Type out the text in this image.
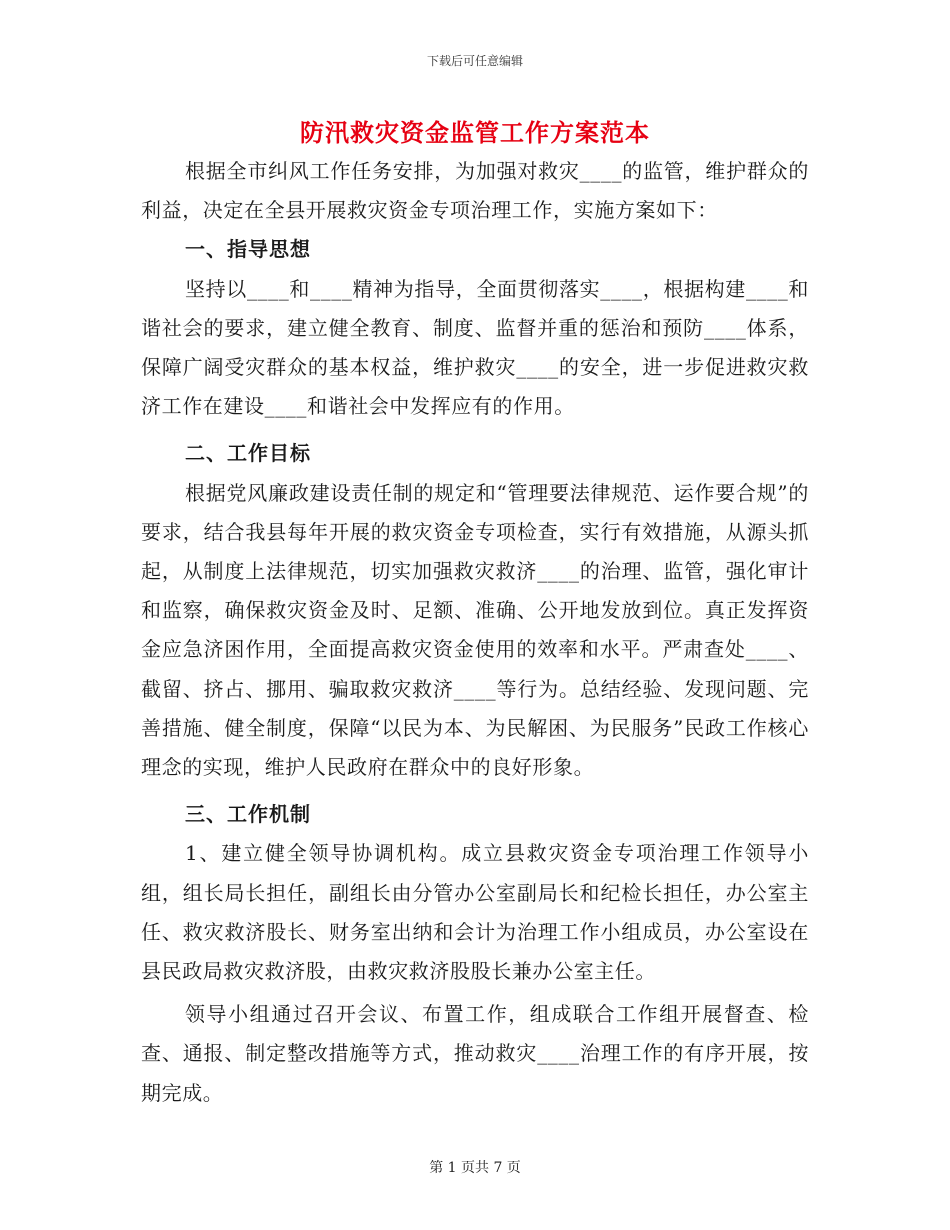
下载后可任意编辑
防汛救灾资金监管工作方案范本

根据全市纠风工作任务安排，为加强对救灾____的监管，维护群众的利益，决定在全县开展救灾资金专项治理工作，实施方案如下：

一、指导思想

坚持以____和____精神为指导，全面贯彻落实____，根据构建____和谐社会的要求，建立健全教育、制度、监督并重的惩治和预防____体系，保障广阔受灾群众的基本权益，维护救灾____的安全，进一步促进救灾救济工作在建设____和谐社会中发挥应有的作用。

二、工作目标

根据党风廉政建设责任制的规定和“管理要法律规范、运作要合规”的要求，结合我县每年开展的救灾资金专项检查，实行有效措施，从源头抓起，从制度上法律规范，切实加强救灾救济____的治理、监管，强化审计和监察，确保救灾资金及时、足额、准确、公开地发放到位。真正发挥资金应急济困作用，全面提高救灾资金使用的效率和水平。严肃查处____、截留、挤占、挪用、骗取救灾救济____等行为。总结经验、发现问题、完善措施、健全制度，保障“以民为本、为民解困、为民服务”民政工作核心理念的实现，维护人民政府在群众中的良好形象。

三、工作机制

1、建立健全领导协调机构。成立县救灾资金专项治理工作领导小组，组长局长担任，副组长由分管办公室副局长和纪检长担任，办公室主任、救灾救济股长、财务室出纳和会计为治理工作小组成员，办公室设在县民政局救灾救济股，由救灾救济股股长兼办公室主任。

领导小组通过召开会议、布置工作，组成联合工作组开展督查、检查、通报、制定整改措施等方式，推动救灾____治理工作的有序开展，按期完成。

第 1 页共 7 页
